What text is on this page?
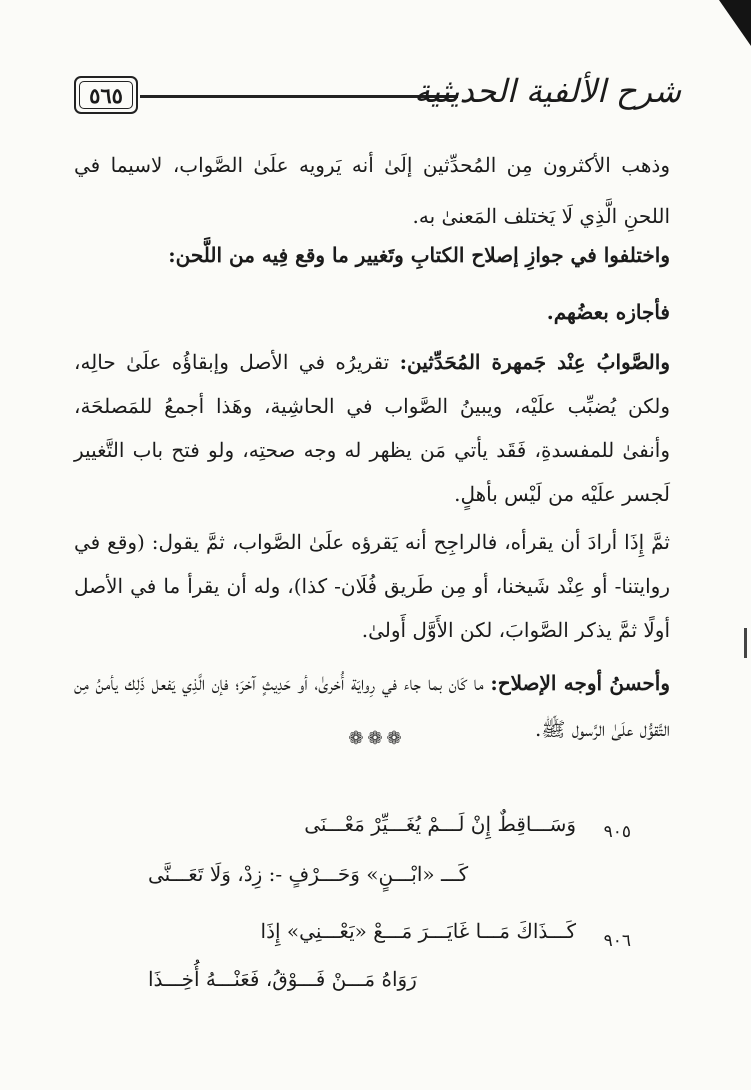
٥٦٥	شرح الألفية الحديثية

وذهب الأكثرون مِن المُحدِّثين إلَىٰ أنه يَرويه علَىٰ الصَّواب، لاسيما في اللحنِ الَّذِي لَا يَختلف المَعنىٰ به.

واختلفوا في جوازِ إصلاح الكتابِ وتَغيير ما وقع فِيه من اللَّحن:

فأجازه بعضُهم.

والصَّوابُ عِنْد جَمهرة المُحَدِّثين: تقريرُه في الأصل وإبقاؤُه علَىٰ حالِه، ولكن يُضبِّب علَيْه، ويبينُ الصَّواب في الحاشِية، وهَذا أجمعُ للمَصلحَة، وأنفىٰ للمفسدةِ، فَقَد يأتي مَن يظهر له وجه صحتِه، ولو فتح باب التَّغيير لَجسر علَيْه من لَيْس بأهلٍ.

ثمَّ إِذَا أرادَ أن يقرأه، فالراجِح أنه يَقرؤه علَىٰ الصَّواب، ثمَّ يقول: (وقع في روايتنا- أو عِنْد شَيخنا، أو مِن طَريق فُلَان- كذا)، وله أن يقرأ ما في الأصل أولًا ثمَّ يذكر الصَّوابَ، لكن الأَوَّل أَولىٰ.

وأحسنُ أوجه الإصلاح: ما كَان بما جاء في رِوايَة أُخرىٰ، أو حَدِيثٍ آخرَ؛ فإن الَّذِي يَفعل ذَلِك يأمنُ مِن التَّقوُّل علَىٰ الرَّسول ﷺ.

❁❁❁
٩٠٥
وَسَـــاقِطٌ إِنْ لَـــمْ يُغَـــيِّرْ مَعْـــنَى
كَـــ «ابْـــنٍ» وَحَـــرْفٍ -: زِدْ، وَلَا تَعَـــنَّى
٩٠٦
كَـــذَاكَ مَـــا غَايَـــرَ مَـــعْ «يَعْـــنِي» إِذَا
رَوَاهُ مَـــنْ فَـــوْقُ، فَعَنْـــهُ أُخِـــذَا
